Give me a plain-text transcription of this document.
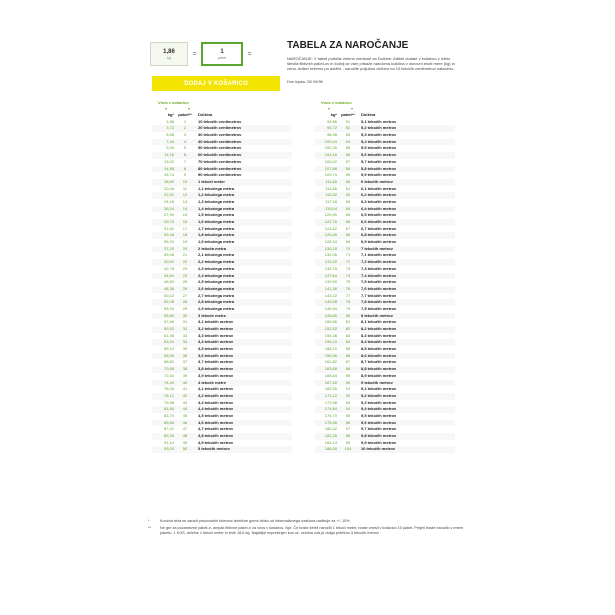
1,86
kg	=	1
paket	=
DODAJ V KOŠARICO
TABELA ZA NAROČANJE

NAROČANJE: V tabeli poiščite želeno vrednost za Dolžine. Artikel dodate v košarico z izbiro števila fiktivnih paket-ov in kolicij se vam prikaže naročena količina v osnovni enoti mere (kg) in cena. Artikel režemo po dolžini - naročite poljubno dolžino na 10 tekočih centimetrov natančno.

Dne izpisa: 20/ 09/96
Vnos v košarico
▾	▾
kg*	paket**	Dolžina
1,86	1	10 tekočih centimetrov
3,72	2	20 tekočih centimetrov
5,58	3	30 tekočih centimetrov
7,44	4	40 tekočih centimetrov
9,30	5	50 tekočih centimetrov
11,16	6	60 tekočih centimetrov
13,02	7	70 tekočih centimetrov
14,88	8	80 tekočih centimetrov
16,74	9	90 tekočih centimetrov
18,60	10	1 tekoči meter
20,46	11	1,1 tekočega metra
22,32	12	1,2 tekočega metra
24,18	13	1,3 tekočega metra
26,04	14	1,4 tekočega metra
27,90	15	1,5 tekočega metra
29,76	16	1,6 tekočega metra
31,62	17	1,7 tekočega metra
33,48	18	1,8 tekočega metra
35,34	19	1,9 tekočega metra
37,20	20	2 tekoča metra
39,06	21	2,1 tekočega metra
40,92	22	2,2 tekočega metra
42,78	23	2,3 tekočega metra
44,64	24	2,4 tekočega metra
46,50	25	2,5 tekočega metra
48,36	26	2,6 tekočega metra
50,22	27	2,7 tekočega metra
52,08	28	2,8 tekočega metra
53,94	29	2,9 tekočega metra
55,80	30	3 tekoče metre
57,66	31	3,1 tekočih metrov
59,52	32	3,2 tekočih metrov
61,38	33	3,3 tekočih metrov
63,24	34	3,4 tekočih metrov
65,10	35	3,5 tekočih metrov
66,96	36	3,6 tekočih metrov
68,82	37	3,7 tekočih metrov
70,68	38	3,8 tekočih metrov
72,54	39	3,9 tekočih metrov
74,40	40	4 tekoče metre
76,26	41	4,1 tekočih metrov
78,12	42	4,2 tekočih metrov
79,98	43	4,3 tekočih metrov
81,84	44	4,4 tekočih metrov
83,70	45	4,5 tekočih metrov
85,56	46	4,6 tekočih metrov
87,42	47	4,7 tekočih metrov
89,28	48	4,8 tekočih metrov
91,14	49	4,9 tekočih metrov
93,00	50	5 tekočih metrov
Vnos v košarico
▾	▾
kg*	paket**	Dolžina
94,86	51	5,1 tekočih metrov
96,72	52	5,2 tekočih metrov
98,58	53	5,3 tekočih metrov
100,44	54	5,4 tekočih metrov
102,30	55	5,5 tekočih metrov
104,16	56	5,6 tekočih metrov
106,02	57	5,7 tekočih metrov
107,88	58	5,8 tekočih metrov
109,74	59	5,9 tekočih metrov
111,60	60	6 tekočih metrov
113,46	61	6,1 tekočih metrov
115,32	62	6,2 tekočih metrov
117,18	63	6,3 tekočih metrov
119,04	64	6,4 tekočih metrov
120,90	65	6,5 tekočih metrov
122,76	66	6,6 tekočih metrov
124,62	67	6,7 tekočih metrov
126,48	68	6,8 tekočih metrov
128,34	69	6,9 tekočih metrov
130,20	70	7 tekočih metrov
132,06	71	7,1 tekočih metrov
133,92	72	7,2 tekočih metrov
135,78	73	7,3 tekočih metrov
137,64	74	7,4 tekočih metrov
139,50	75	7,5 tekočih metrov
141,36	76	7,6 tekočih metrov
143,22	77	7,7 tekočih metrov
145,08	78	7,8 tekočih metrov
146,94	79	7,9 tekočih metrov
148,80	80	8 tekočih metrov
150,66	81	8,1 tekočih metrov
152,52	82	8,2 tekočih metrov
154,38	83	8,3 tekočih metrov
156,24	84	8,4 tekočih metrov
158,10	85	8,5 tekočih metrov
159,96	86	8,6 tekočih metrov
161,82	87	8,7 tekočih metrov
163,68	88	8,8 tekočih metrov
165,54	89	8,9 tekočih metrov
167,40	90	9 tekočih metrov
169,26	91	9,1 tekočih metrov
171,12	92	9,2 tekočih metrov
172,98	93	9,3 tekočih metrov
174,84	94	9,4 tekočih metrov
176,70	95	9,5 tekočih metrov
178,56	96	9,6 tekočih metrov
180,42	97	9,7 tekočih metrov
182,28	98	9,8 tekočih metrov
184,14	99	9,9 tekočih metrov
186,00	100	10 tekočih metrov
*	Končna teža se zaradi proizvodnih toleranc tehnične gume lahko od informativnega izračuna razlikuje za +/- 10%
**	Ne gre za pocamezne paket-e, ampak fiktivne paket-e za vnos v košarico. Npr. Če boste želeli naročiti 1 tekoči meter, boste vnesli v košarico 10 paket. Prejeli boste naročilo v enem paketu, 1 KOS, dolžine 1 tekoči meter in teže 18,6 kg. Najdaljši neprekinjen kos oz. celotna rola je dolga približno 5 tekočih metrov.
